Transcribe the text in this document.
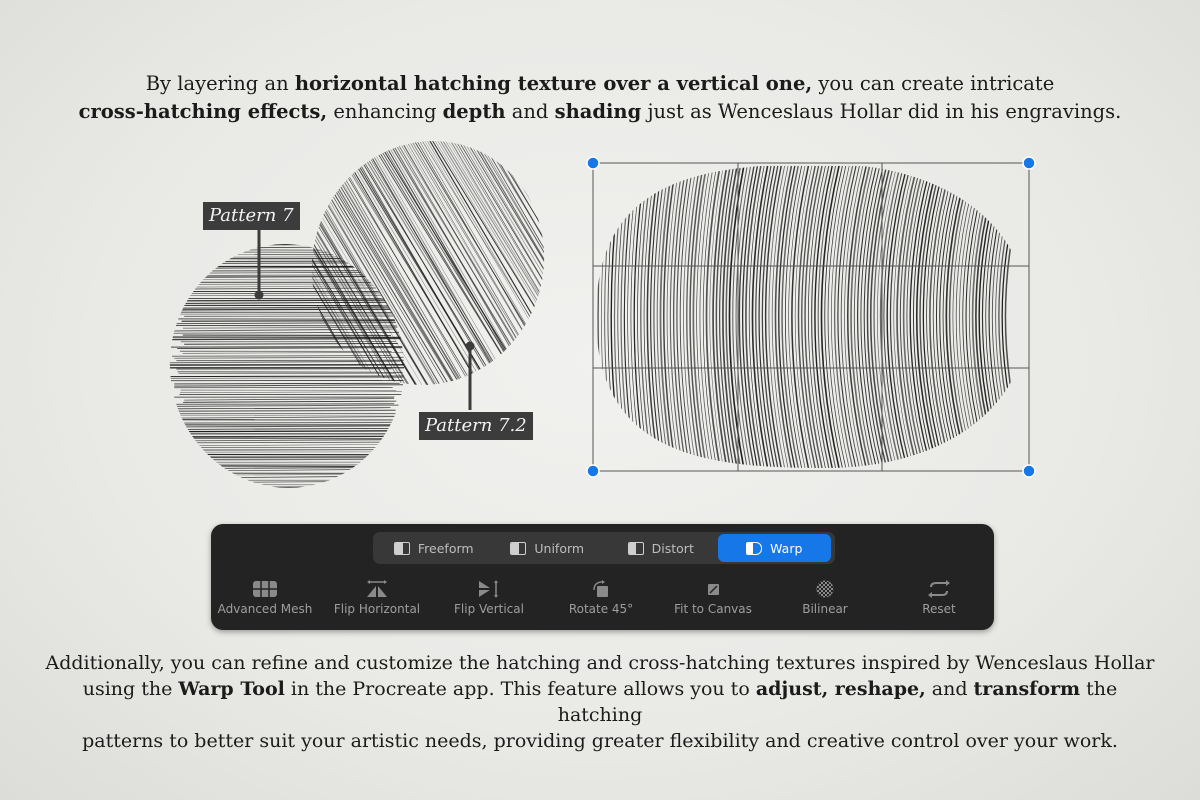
By layering an horizontal hatching texture over a vertical one, you can create intricate
cross-hatching effects, enhancing depth and shading just as Wenceslaus Hollar did in his engravings.
Pattern 7
Pattern 7.2
Freeform	Uniform	Distort	Warp
Advanced Mesh	Flip Horizontal	Flip Vertical	Rotate 45°	Fit to Canvas	Bilinear	Reset
Additionally, you can refine and customize the hatching and cross-hatching textures inspired by Wenceslaus Hollar
using the Warp Tool in the Procreate app. This feature allows you to adjust, reshape, and transform the hatching
patterns to better suit your artistic needs, providing greater flexibility and creative control over your work.
